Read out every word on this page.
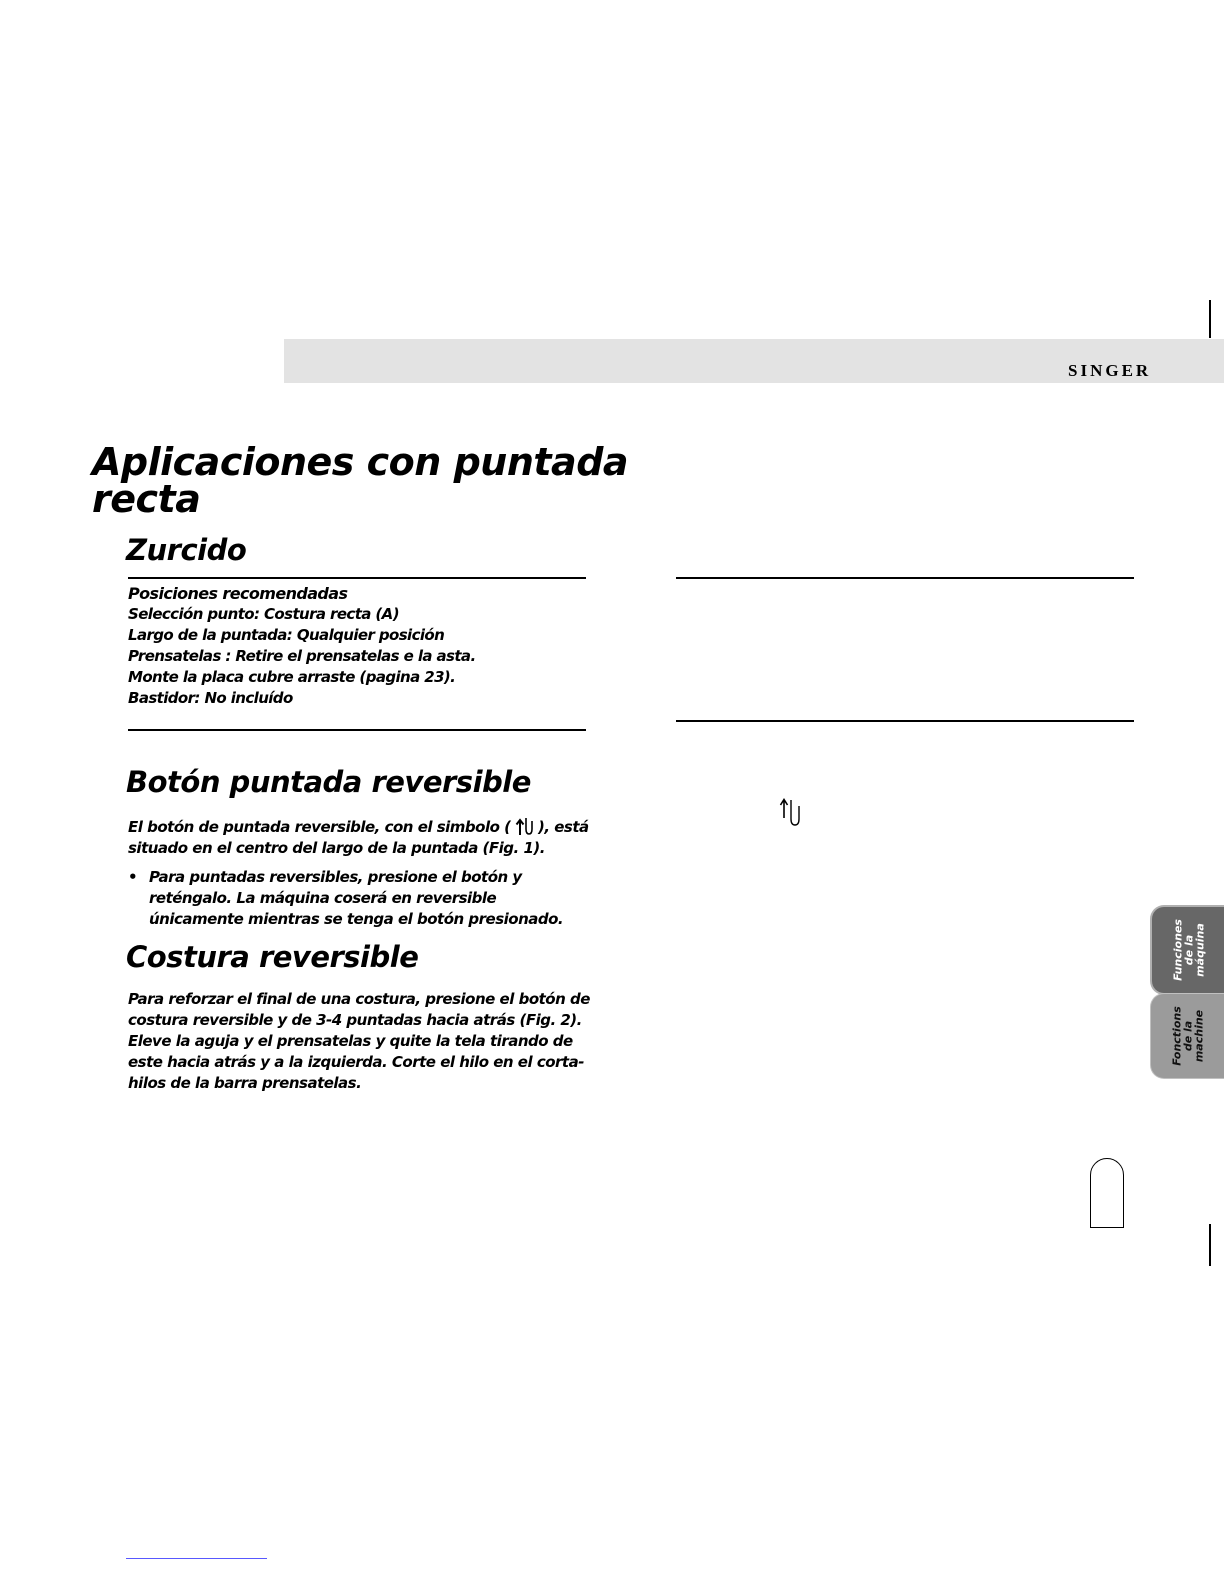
SINGER
Aplicaciones con puntada
recta
Zurcido
Posiciones recomendadas
Selección punto: Costura recta (A)
Largo de la puntada: Qualquier posición
Prensatelas : Retire el prensatelas e la asta.
Monte la placa cubre arraste (pagina 23).
Bastidor: No incluído
Botón puntada reversible
El botón de puntada reversible, con el simbolo ( ), está
situado en el centro del largo de la puntada (Fig. 1).
• Para puntadas reversibles, presione el botón y reténgalo. La máquina coserá en reversible únicamente mientras se tenga el botón presionado.
Costura reversible
Para reforzar el final de una costura, presione el botón de costura reversible y de 3-4 puntadas hacia atrás (Fig. 2). Eleve la aguja y el prensatelas y quite la tela tirando de este hacia atrás y a la izquierda. Corte el hilo en el corta-hilos de la barra prensatelas.
Funciones
de la
máquina
Fonctions
de la
machine
